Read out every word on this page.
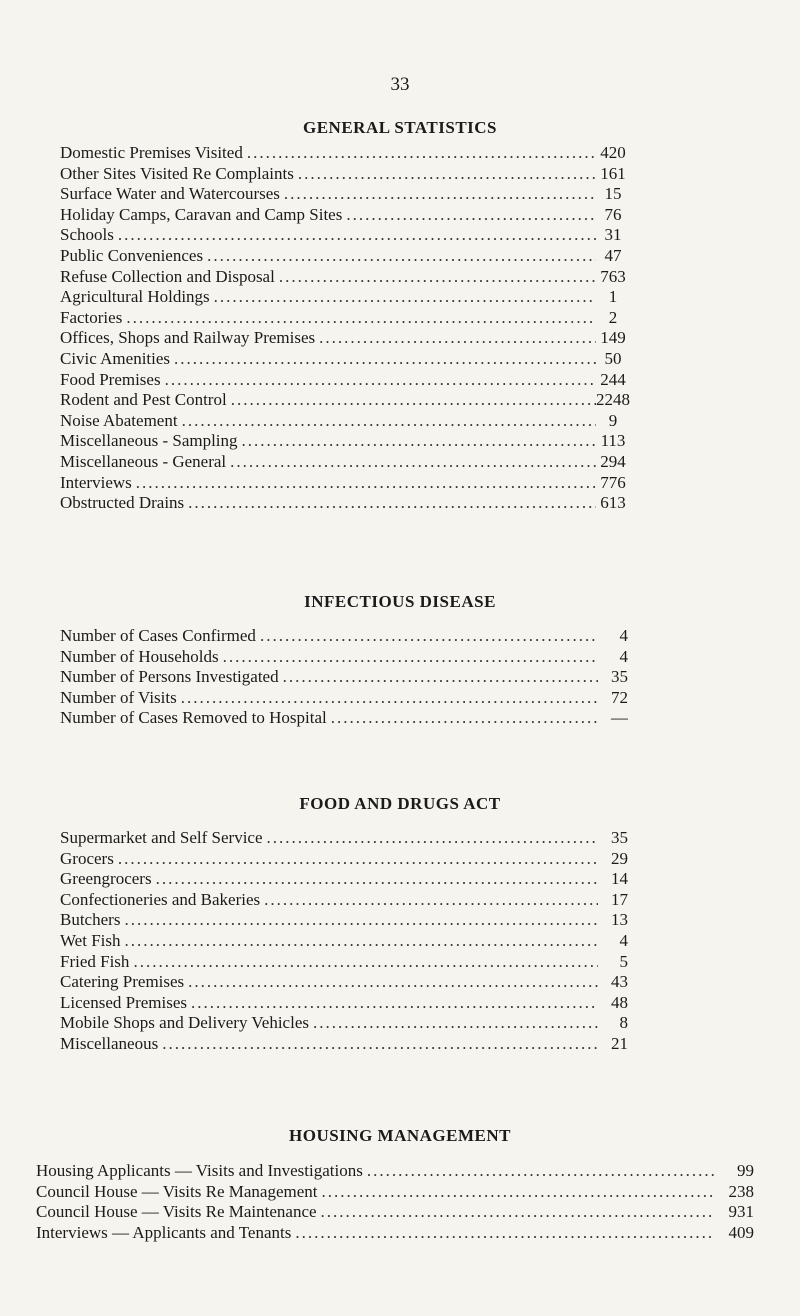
33
GENERAL STATISTICS
Domestic Premises Visited .....	420
Other Sites Visited Re Complaints .....	161
Surface Water and Watercourses .....	15
Holiday Camps, Caravan and Camp Sites .....	76
Schools .....	31
Public Conveniences .....	47
Refuse Collection and Disposal .....	763
Agricultural Holdings .....	1
Factories .....	2
Offices, Shops and Railway Premises .....	149
Civic Amenities .....	50
Food Premises .....	244
Rodent and Pest Control .....	2248
Noise Abatement .....	9
Miscellaneous - Sampling .....	113
Miscellaneous - General .....	294
Interviews .....	776
Obstructed Drains .....	613
INFECTIOUS DISEASE
Number of Cases Confirmed .....	4
Number of Households .....	4
Number of Persons Investigated .....	35
Number of Visits .....	72
Number of Cases Removed to Hospital .....	—
FOOD AND DRUGS ACT
Supermarket and Self Service .....	35
Grocers .....	29
Greengrocers .....	14
Confectioneries and Bakeries .....	17
Butchers .....	13
Wet Fish .....	4
Fried Fish .....	5
Catering Premises .....	43
Licensed Premises .....	48
Mobile Shops and Delivery Vehicles .....	8
Miscellaneous .....	21
HOUSING MANAGEMENT
Housing Applicants — Visits and Investigations .....	99
Council House — Visits Re Management .....	238
Council House — Visits Re Maintenance .....	931
Interviews — Applicants and Tenants .....	409
